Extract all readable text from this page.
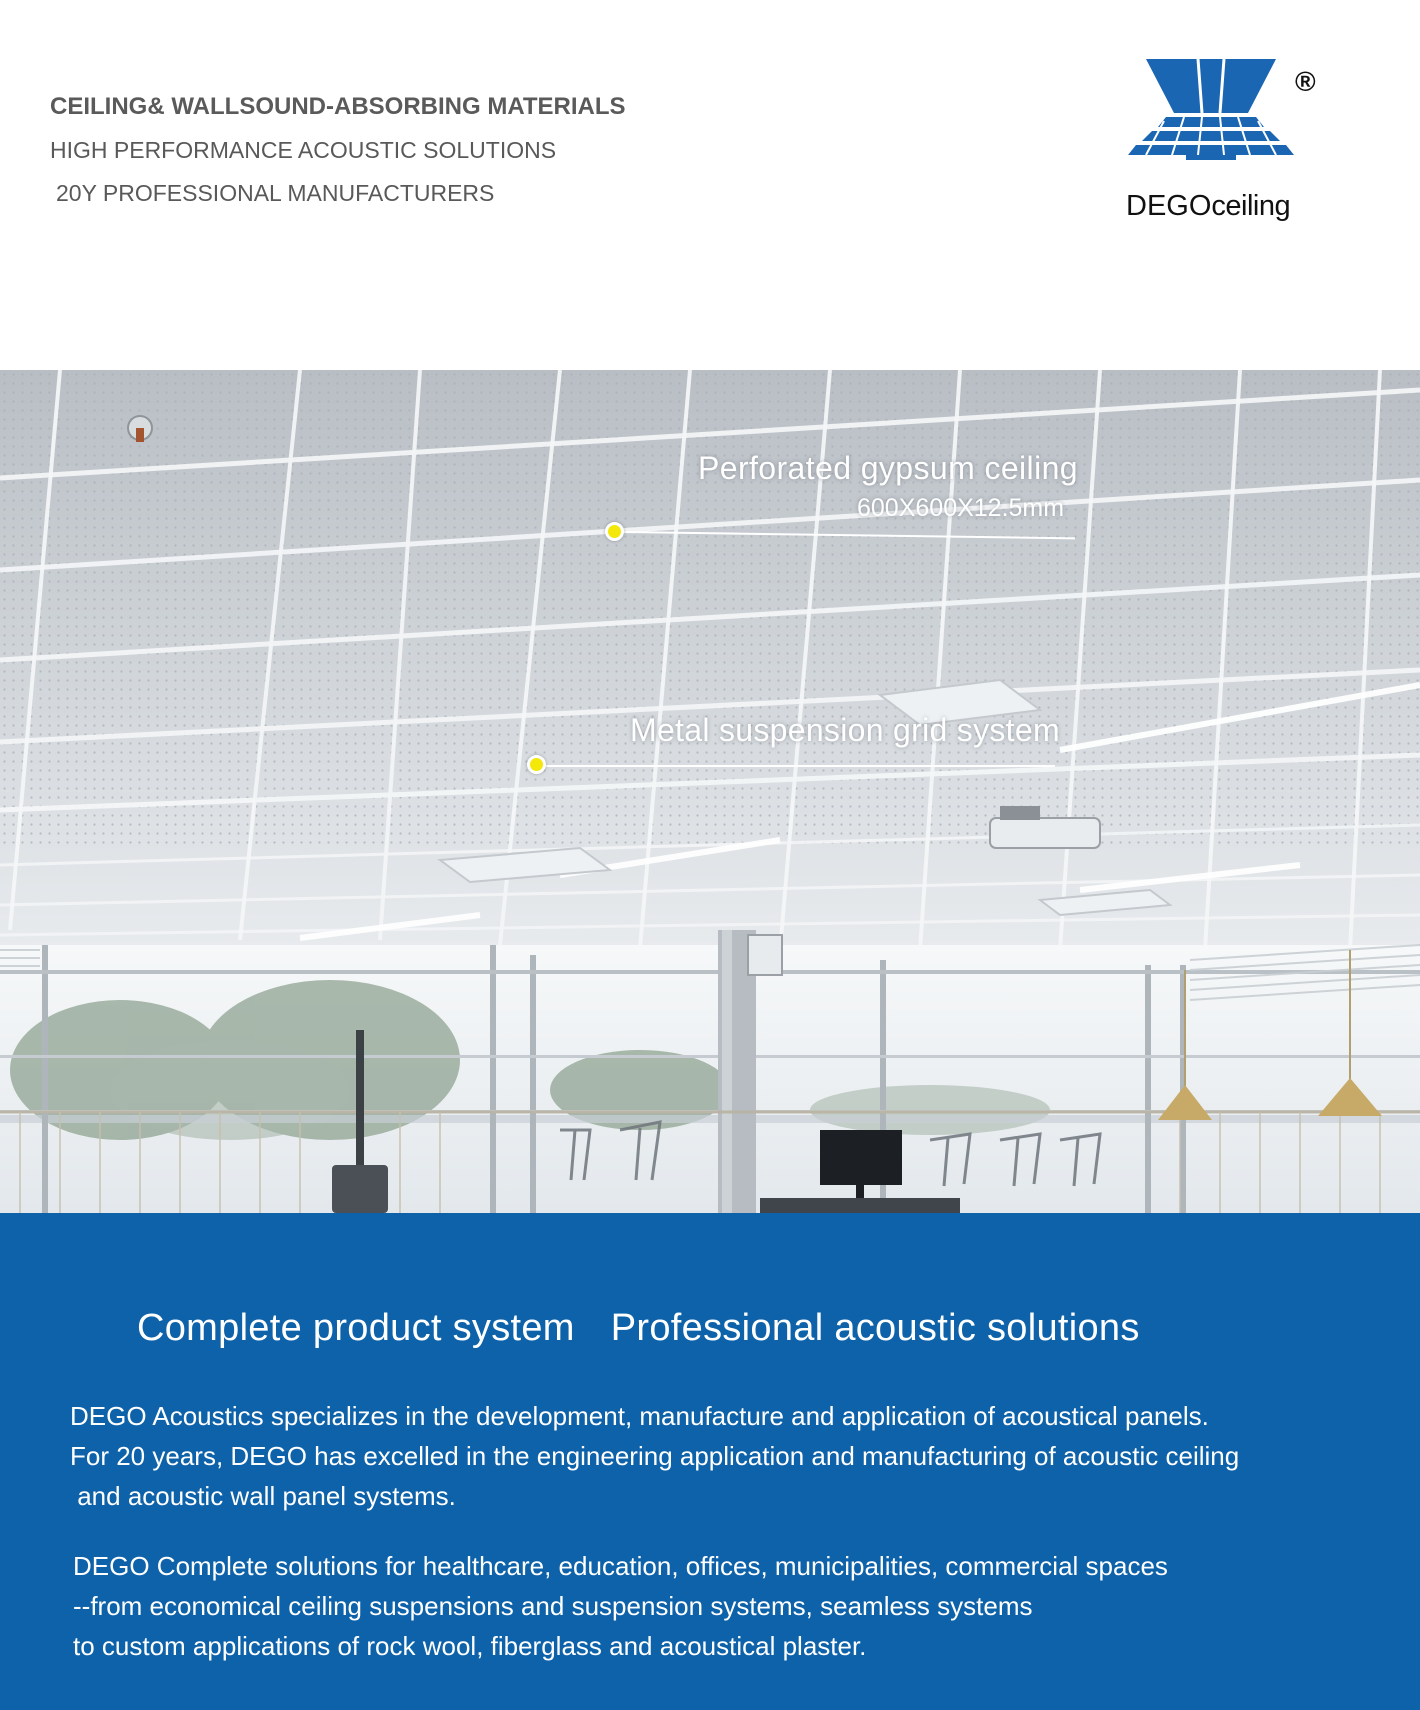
CEILING& WALLSOUND-ABSORBING MATERIALS

HIGH PERFORMANCE ACOUSTIC SOLUTIONS

20Y PROFESSIONAL MANUFACTURERS

®
DEGOceiling
Perforated gypsum ceiling
600X600X12.5mm
Metal suspension grid system
Complete product system Professional acoustic solutions

DEGO Acoustics specializes in the development, manufacture and application of acoustical panels.
For 20 years, DEGO has excelled in the engineering application and manufacturing of acoustic ceiling
and acoustic wall panel systems.

DEGO Complete solutions for healthcare, education, offices, municipalities, commercial spaces
--from economical ceiling suspensions and suspension systems, seamless systems
to custom applications of rock wool, fiberglass and acoustical plaster.
